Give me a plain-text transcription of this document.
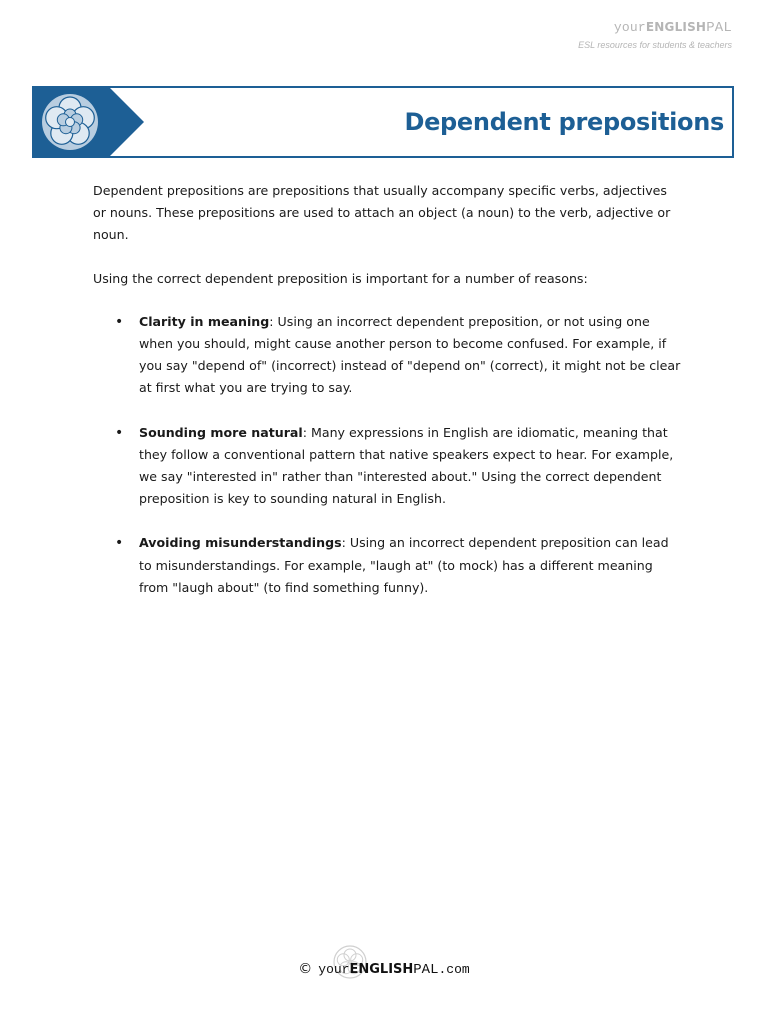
yourENGLISHPAL
ESL resources for students & teachers
Dependent prepositions

Dependent prepositions are prepositions that usually accompany specific verbs, adjectives or nouns. These prepositions are used to attach an object (a noun) to the verb, adjective or noun.

Using the correct dependent preposition is important for a number of reasons:

• Clarity in meaning: Using an incorrect dependent preposition, or not using one when you should, might cause another person to become confused. For example, if you say "depend of" (incorrect) instead of "depend on" (correct), it might not be clear at first what you are trying to say.
• Sounding more natural: Many expressions in English are idiomatic, meaning that they follow a conventional pattern that native speakers expect to hear. For example, we say "interested in" rather than "interested about." Using the correct dependent preposition is key to sounding natural in English.
• Avoiding misunderstandings: Using an incorrect dependent preposition can lead to misunderstandings. For example, "laugh at" (to mock) has a different meaning from "laugh about" (to find something funny).
© yourENGLISHPAL.com
